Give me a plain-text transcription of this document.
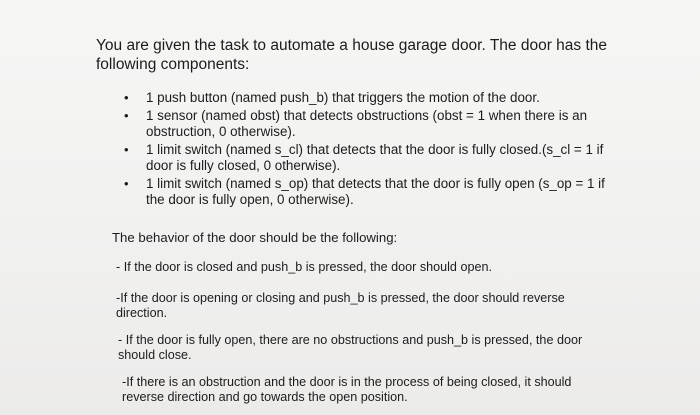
You are given the task to automate a house garage door. The door has the following components:
• 1 push button (named push_b) that triggers the motion of the door.
• 1 sensor (named obst) that detects obstructions (obst = 1 when there is an obstruction, 0 otherwise).
• 1 limit switch (named s_cl) that detects that the door is fully closed.(s_cl = 1 if door is fully closed, 0 otherwise).
• 1 limit switch (named s_op) that detects that the door is fully open (s_op = 1 if the door is fully open, 0 otherwise).
The behavior of the door should be the following:
- If the door is closed and push_b is pressed, the door should open.
-If the door is opening or closing and push_b is pressed, the door should reverse direction.
- If the door is fully open, there are no obstructions and push_b is pressed, the door should close.
-If there is an obstruction and the door is in the process of being closed, it should reverse direction and go towards the open position.
